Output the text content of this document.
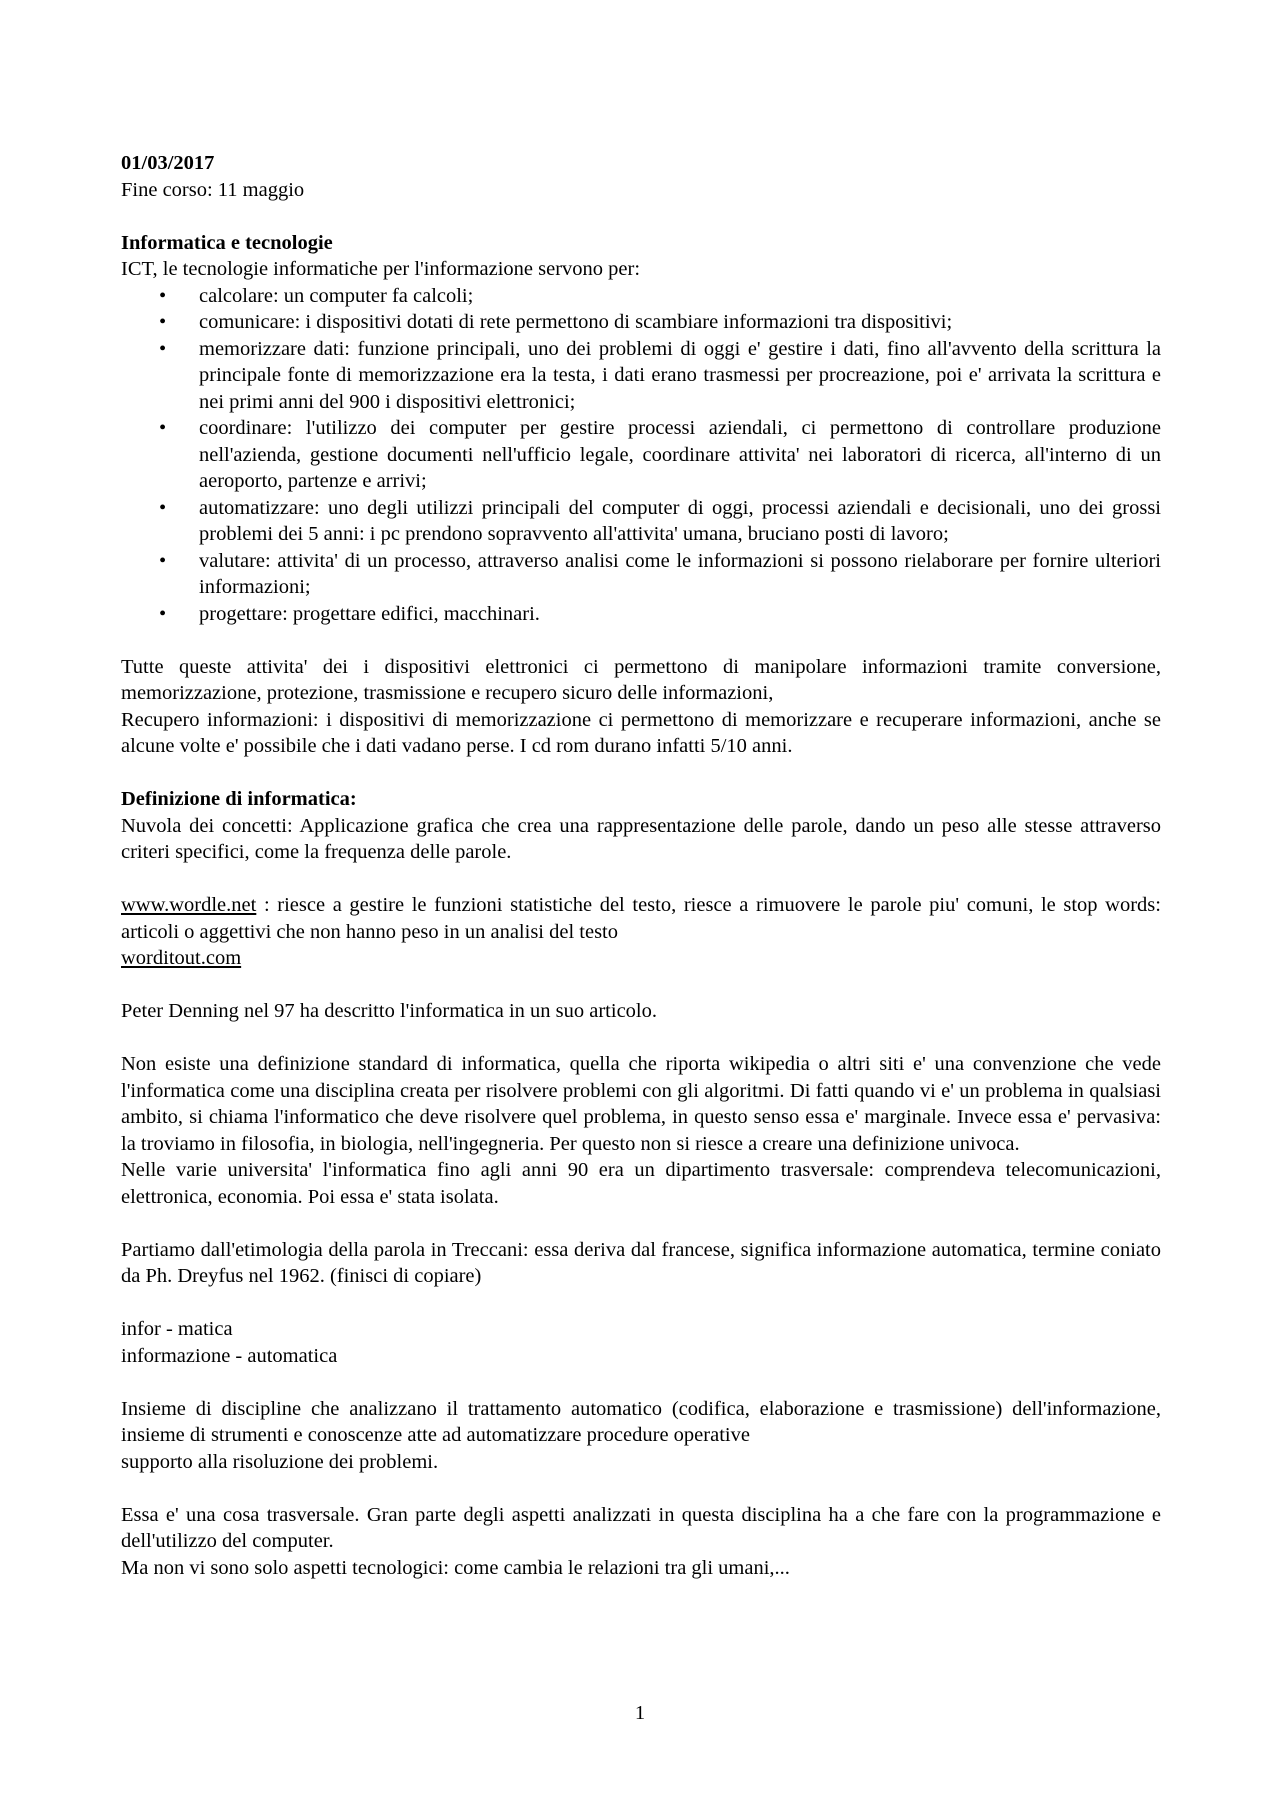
01/03/2017

Fine corso: 11 maggio

Informatica e tecnologie

ICT, le tecnologie informatiche per l'informazione servono per:

• calcolare: un computer fa calcoli;
• comunicare: i dispositivi dotati di rete permettono di scambiare informazioni tra dispositivi;
• memorizzare dati: funzione principali, uno dei problemi di oggi e' gestire i dati, fino all'avvento della scrittura la principale fonte di memorizzazione era la testa, i dati erano trasmessi per procreazione, poi e' arrivata la scrittura e nei primi anni del 900 i dispositivi elettronici;
• coordinare: l'utilizzo dei computer per gestire processi aziendali, ci permettono di controllare produzione nell'azienda, gestione documenti nell'ufficio legale, coordinare attivita' nei laboratori di ricerca, all'interno di un aeroporto, partenze e arrivi;
• automatizzare: uno degli utilizzi principali del computer di oggi, processi aziendali e decisionali, uno dei grossi problemi dei 5 anni: i pc prendono sopravvento all'attivita' umana, bruciano posti di lavoro;
• valutare: attivita' di un processo, attraverso analisi come le informazioni si possono rielaborare per fornire ulteriori informazioni;
• progettare: progettare edifici, macchinari.

Tutte queste attivita' dei i dispositivi elettronici ci permettono di manipolare informazioni tramite conversione, memorizzazione, protezione, trasmissione e recupero sicuro delle informazioni,

Recupero informazioni: i dispositivi di memorizzazione ci permettono di memorizzare e recuperare informazioni, anche se alcune volte e' possibile che i dati vadano perse. I cd rom durano infatti 5/10 anni.

Definizione di informatica:

Nuvola dei concetti: Applicazione grafica che crea una rappresentazione delle parole, dando un peso alle stesse attraverso criteri specifici, come la frequenza delle parole.

www.wordle.net : riesce a gestire le funzioni statistiche del testo, riesce a rimuovere le parole piu' comuni, le stop words: articoli o aggettivi che non hanno peso in un analisi del testo

worditout.com

Peter Denning nel 97 ha descritto l'informatica in un suo articolo.

Non esiste una definizione standard di informatica, quella che riporta wikipedia o altri siti e' una convenzione che vede l'informatica come una disciplina creata per risolvere problemi con gli algoritmi. Di fatti quando vi e' un problema in qualsiasi ambito, si chiama l'informatico che deve risolvere quel problema, in questo senso essa e' marginale. Invece essa e' pervasiva: la troviamo in filosofia, in biologia, nell'ingegneria. Per questo non si riesce a creare una definizione univoca.

Nelle varie universita' l'informatica fino agli anni 90 era un dipartimento trasversale: comprendeva telecomunicazioni, elettronica, economia. Poi essa e' stata isolata.

Partiamo dall'etimologia della parola in Treccani: essa deriva dal francese, significa informazione automatica, termine coniato da Ph. Dreyfus nel 1962. (finisci di copiare)

infor - matica

informazione - automatica

Insieme di discipline che analizzano il trattamento automatico (codifica, elaborazione e trasmissione) dell'informazione, insieme di strumenti e conoscenze atte ad automatizzare procedure operative

supporto alla risoluzione dei problemi.

Essa e' una cosa trasversale. Gran parte degli aspetti analizzati in questa disciplina ha a che fare con la programmazione e dell'utilizzo del computer.

Ma non vi sono solo aspetti tecnologici: come cambia le relazioni tra gli umani,...

1
